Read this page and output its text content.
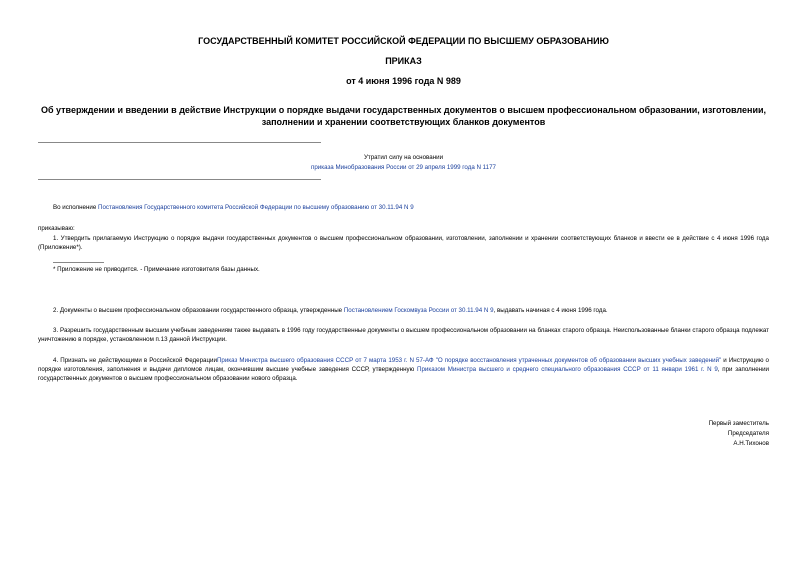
ГОСУДАРСТВЕННЫЙ КОМИТЕТ РОССИЙСКОЙ ФЕДЕРАЦИИ ПО ВЫСШЕМУ ОБРАЗОВАНИЮ
ПРИКАЗ
от 4 июня 1996 года N 989
Об утверждении и введении в действие Инструкции о порядке выдачи государственных документов о высшем профессиональном образовании, изготовлении, заполнении и хранении соответствующих бланков документов
Утратил силу на основании
приказа Минобразования России от 29 апреля 1999 года N 1177
Во исполнение Постановления Государственного комитета Российской Федерации по высшему образованию от 30.11.94 N 9
приказываю:
1. Утвердить прилагаемую Инструкцию о порядке выдачи государственных документов о высшем профессиональном образовании, изготовлении, заполнении и хранении соответствующих бланков и ввести ее в действие с 4 июня 1996 года (Приложение*).
* Приложение не приводится. - Примечание изготовителя базы данных.
2. Документы о высшем профессиональном образовании государственного образца, утвержденные Постановлением Госкомвуза России от 30.11.94 N 9, выдавать начиная с 4 июня 1996 года.
3. Разрешить государственным высшим учебным заведениям также выдавать в 1996 году государственные документы о высшем профессиональном образовании на бланках старого образца. Неиспользованные бланки старого образца подлежат уничтожению в порядке, установленном п.13 данной Инструкции.
4. Признать не действующими в Российской ФедерацииПриказ Министра высшего образования СССР от 7 марта 1953 г. N 57-АФ "О порядке восстановления утраченных документов об образовании высших учебных заведений" и Инструкцию о порядке изготовления, заполнения и выдачи дипломов лицам, окончившим высшие учебные заведения СССР, утвержденную Приказом Министра высшего и среднего специального образования СССР от 11 январи 1961 г. N 9, при заполнении государственных документов о высшем профессиональном образовании нового образца.
Первый заместитель
Председателя
А.Н.Тихонов
